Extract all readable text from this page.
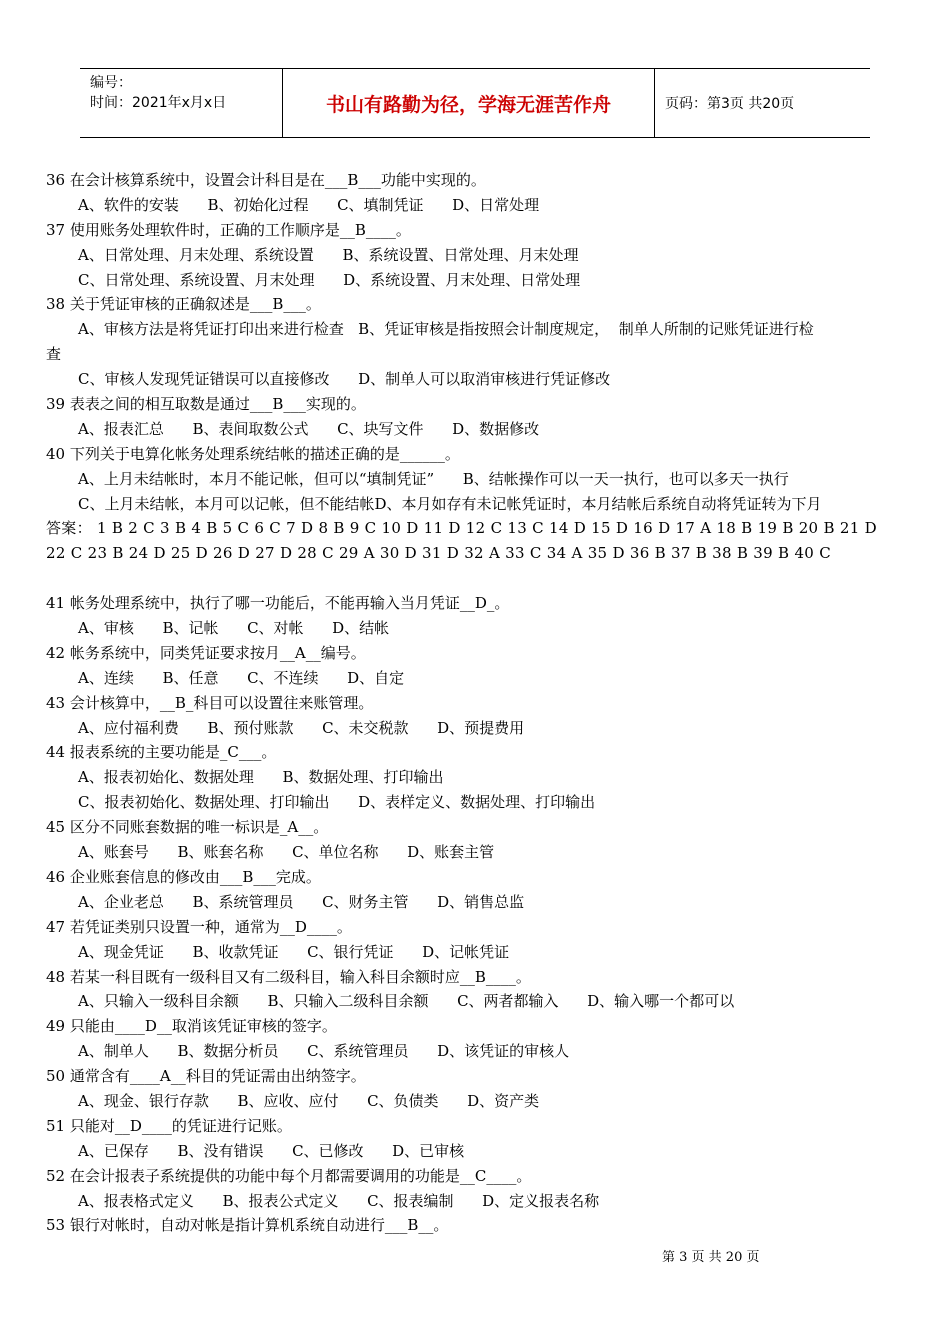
编号：
时间：2021年x月x日	书山有路勤为径，学海无涯苦作舟	页码：第3页 共20页
36 在会计核算系统中，设置会计科目是在___B___功能中实现的。
A、软件的安装      B、初始化过程      C、填制凭证      D、日常处理
37 使用账务处理软件时，正确的工作顺序是__B____。
A、日常处理、月末处理、系统设置      B、系统设置、日常处理、月末处理
C、日常处理、系统设置、月末处理      D、系统设置、月末处理、日常处理
38 关于凭证审核的正确叙述是___B___。
A、审核方法是将凭证打印出来进行检查   B、凭证审核是指按照会计制度规定，  制单人所制的记账凭证进行检
查
C、审核人发现凭证错误可以直接修改      D、制单人可以取消审核进行凭证修改
39 表表之间的相互取数是通过___B___实现的。
A、报表汇总      B、表间取数公式      C、块写文件      D、数据修改
40 下列关于电算化帐务处理系统结帐的描述正确的是______。
A、上月未结帐时，本月不能记帐，但可以“填制凭证”      B、结帐操作可以一天一执行，也可以多天一执行
C、上月未结帐，本月可以记帐，但不能结帐D、本月如存有未记帐凭证时，本月结帐后系统自动将凭证转为下月
答案： 1 B 2 C 3 B 4 B 5 C 6 C 7 D 8 B 9 C 10 D 11 D 12 C 13 C 14 D 15 D 16 D 17 A 18 B 19 B 20 B 21 D
22 C 23 B 24 D 25 D 26 D 27 D 28 C 29 A 30 D 31 D 32 A 33 C 34 A 35 D 36 B 37 B 38 B 39 B 40 C
41 帐务处理系统中，执行了哪一功能后，不能再输入当月凭证__D_。
A、审核      B、记帐      C、对帐      D、结帐
42 帐务系统中，同类凭证要求按月__A__编号。
A、连续      B、任意      C、不连续      D、自定
43 会计核算中，__B_科目可以设置往来账管理。
A、应付福利费      B、预付账款      C、未交税款      D、预提费用
44 报表系统的主要功能是_C___。
A、报表初始化、数据处理      B、数据处理、打印输出
C、报表初始化、数据处理、打印输出      D、表样定义、数据处理、打印输出
45 区分不同账套数据的唯一标识是_A__。
A、账套号      B、账套名称      C、单位名称      D、账套主管
46 企业账套信息的修改由___B___完成。
A、企业老总      B、系统管理员      C、财务主管      D、销售总监
47 若凭证类别只设置一种，通常为__D____。
A、现金凭证      B、收款凭证      C、银行凭证      D、记帐凭证
48 若某一科目既有一级科目又有二级科目，输入科目余额时应__B____。
A、只输入一级科目余额      B、只输入二级科目余额      C、两者都输入      D、输入哪一个都可以
49 只能由____D__取消该凭证审核的签字。
A、制单人      B、数据分析员      C、系统管理员      D、该凭证的审核人
50 通常含有____A__科目的凭证需由出纳签字。
A、现金、银行存款      B、应收、应付      C、负债类      D、资产类
51 只能对__D____的凭证进行记账。
A、已保存      B、没有错误      C、已修改      D、已审核
52 在会计报表子系统提供的功能中每个月都需要调用的功能是__C____。
A、报表格式定义      B、报表公式定义      C、报表编制      D、定义报表名称
53 银行对帐时，自动对帐是指计算机系统自动进行___B__。
第 3 页 共 20 页
